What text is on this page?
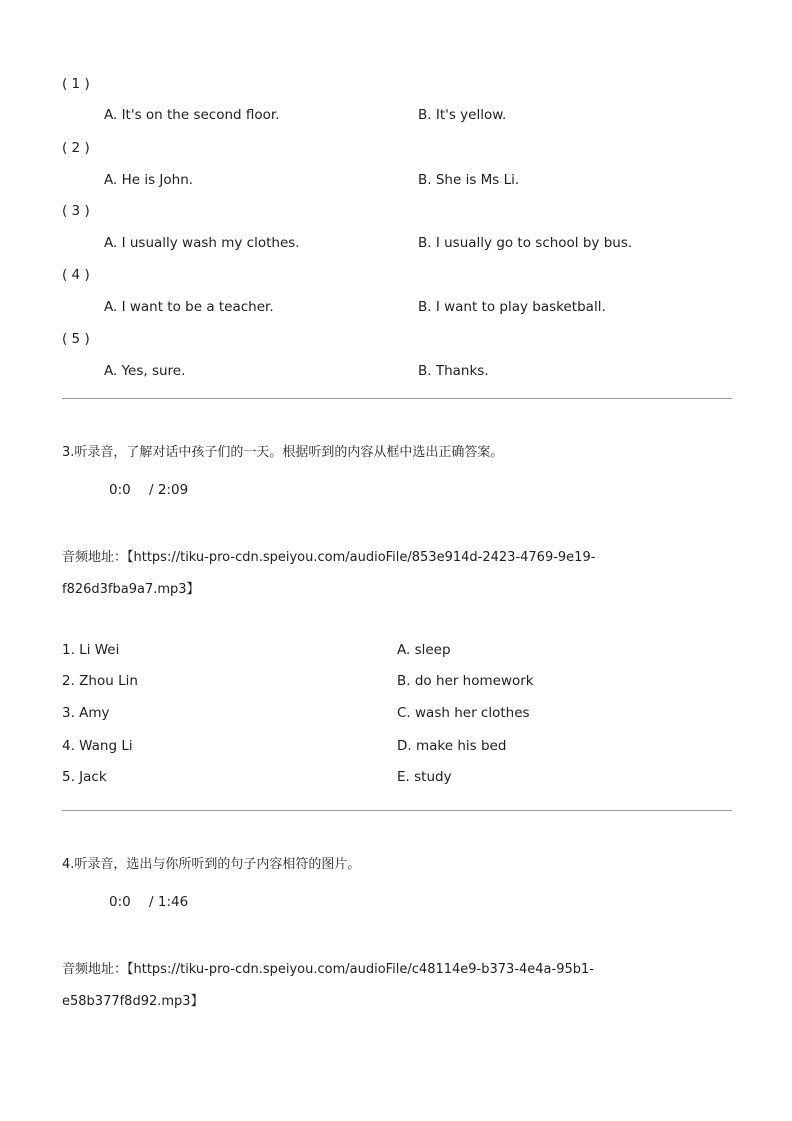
( 1 )
A. It's on the second floor.	B. It's yellow.
( 2 )
A. He is John.	B. She is Ms Li.
( 3 )
A. I usually wash my clothes.	B. I usually go to school by bus.
( 4 )
A. I want to be a teacher.	B. I want to play basketball.
( 5 )
A. Yes, sure.	B. Thanks.
3.听录音，了解对话中孩子们的一天。根据听到的内容从框中选出正确答案。
0:0 / 2:09
音频地址：【https://tiku-pro-cdn.speiyou.com/audioFile/853e914d-2423-4769-9e19-
f826d3fba9a7.mp3】
1. Li Wei	A. sleep
2. Zhou Lin	B. do her homework
3. Amy	C. wash her clothes
4. Wang Li	D. make his bed
5. Jack	E. study
4.听录音，选出与你所听到的句子内容相符的图片。
0:0 / 1:46
音频地址：【https://tiku-pro-cdn.speiyou.com/audioFile/c48114e9-b373-4e4a-95b1-
e58b377f8d92.mp3】
